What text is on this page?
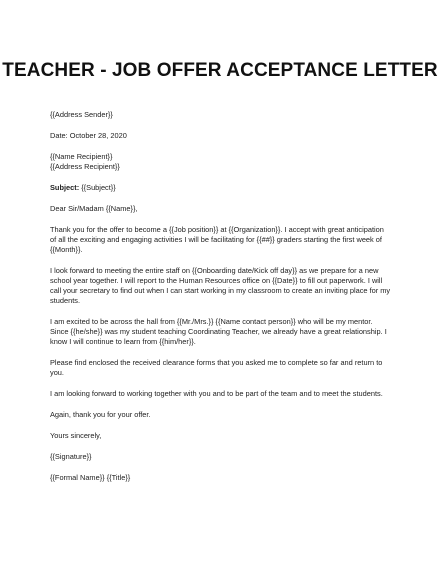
TEACHER - JOB OFFER ACCEPTANCE LETTER
{{Address Sender}}
Date: October 28, 2020
{{Name Recipient}}
{{Address Recipient}}
Subject: {{Subject}}
Dear Sir/Madam {{Name}},
Thank you for the offer to become a {{Job position}} at {{Organization}}. I accept with great anticipation
of all the exciting and engaging activities I will be facilitating for {{##}} graders starting the first week of
{{Month}}.
I look forward to meeting the entire staff on {{Onboarding date/Kick off day}} as we prepare for a new
school year together. I will report to the Human Resources office on {{Date}} to fill out paperwork. I will
call your secretary to find out when I can start working in my classroom to create an inviting place for my
students.
I am excited to be across the hall from {{Mr./Mrs.}} {{Name contact person}} who will be my mentor.
Since {{he/she}} was my student teaching Coordinating Teacher, we already have a great relationship. I
know I will continue to learn from {{him/her}}.
Please find enclosed the received clearance forms that you asked me to complete so far and return to
you.
I am looking forward to working together with you and to be part of the team and to meet the students.
Again, thank you for your offer.
Yours sincerely,
{{Signature}}
{{Formal Name}} {{Title}}
